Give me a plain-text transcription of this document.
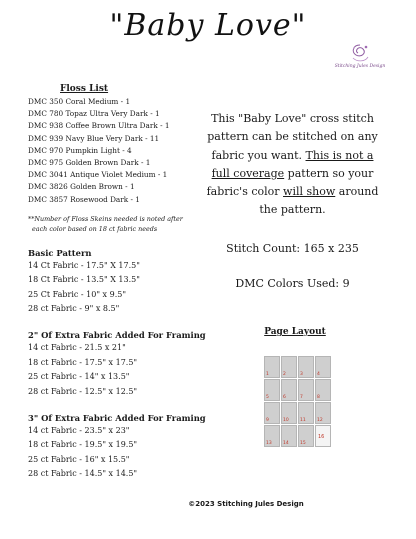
"Baby Love"
Stitching Jules Design
Floss List
DMC 350 Coral Medium - 1
DMC 780 Topaz Ultra Very Dark - 1
DMC 938 Coffee Brown Ultra Dark - 1
DMC 939 Navy Blue Very Dark - 11
DMC 970 Pumpkin Light - 4
DMC 975 Golden Brown Dark - 1
DMC 3041 Antique Violet Medium - 1
DMC 3826 Golden Brown - 1
DMC 3857 Rosewood Dark - 1
**Number of Floss Skeins needed is noted after
each color based on 18 ct fabric needs
Basic Pattern
14 Ct Fabric - 17.5" X 17.5"
18 Ct Fabric - 13.5" X 13.5"
25 Ct Fabric - 10" x 9.5"
28 ct Fabric - 9" x 8.5"
2" Of Extra Fabric Added For Framing
14 ct Fabric - 21.5 x 21"
18 ct Fabric - 17.5" x 17.5"
25 ct Fabric - 14" x 13.5"
28 ct Fabric - 12.5" x 12.5"
3" Of Extra Fabric Added For Framing
14 ct Fabric - 23.5" x 23"
18 ct Fabric - 19.5" x 19.5"
25 ct Fabric - 16" x 15.5"
28 ct Fabric - 14.5" x 14.5"
This "Baby Love" cross stitch pattern can be stitched on any fabric you want. This is not a full coverage pattern so your fabric's color will show around the pattern.
Stitch Count: 165 x 235
DMC Colors Used: 9
Page Layout
1	2	3	4
5	6	7	8
9	10	11	12
13	14	15
16
©2023 Stitching Jules Design
